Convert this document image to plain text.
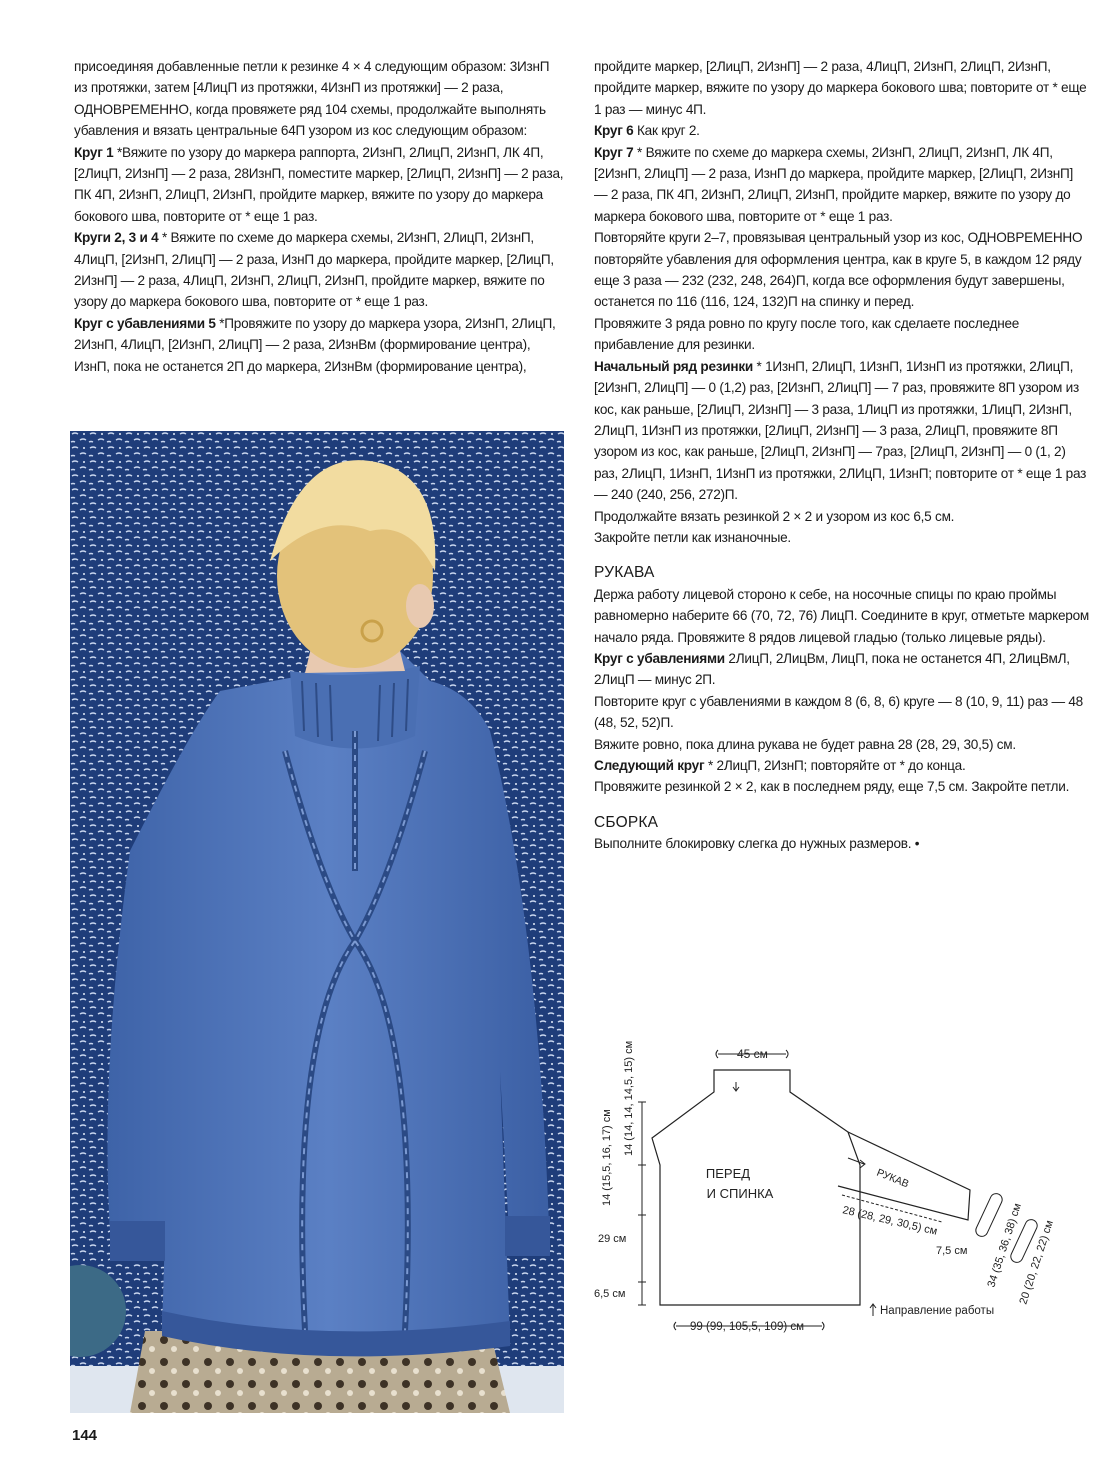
присоединяя добавленные петли к резинке 4 × 4 следующим образом: 3ИзнП из протяжки, затем [4ЛицП из протяжки, 4ИзнП из протяжки] — 2 раза, ОДНОВРЕМЕННО, когда провяжете ряд 104 схемы, продолжайте выполнять убавления и вязать центральные 64П узором из кос следующим образом:

Круг 1 *Вяжите по узору до маркера раппорта, 2ИзнП, 2ЛицП, 2ИзнП, ЛК 4П, [2ЛицП, 2ИзнП] — 2 раза, 28ИзнП, поместите маркер, [2ЛицП, 2ИзнП] — 2 раза, ПК 4П, 2ИзнП, 2ЛицП, 2ИзнП, пройдите маркер, вяжите по узору до маркера бокового шва, повторите от * еще 1 раз.

Круги 2, 3 и 4 * Вяжите по схеме до маркера схемы, 2ИзнП, 2ЛицП, 2ИзнП, 4ЛицП, [2ИзнП, 2ЛицП] — 2 раза, ИзнП до маркера, пройдите маркер, [2ЛицП, 2ИзнП] — 2 раза, 4ЛицП, 2ИзнП, 2ЛицП, 2ИзнП, пройдите маркер, вяжите по узору до маркера бокового шва, повторите от * еще 1 раз.

Круг с убавлениями 5 *Провяжите по узору до маркера узора, 2ИзнП, 2ЛицП, 2ИзнП, 4ЛицП, [2ИзнП, 2ЛицП] — 2 раза, 2ИзнВм (формирование центра), ИзнП, пока не останется 2П до маркера, 2ИзнВм (формирование центра),

пройдите маркер, [2ЛицП, 2ИзнП] — 2 раза, 4ЛицП, 2ИзнП, 2ЛицП, 2ИзнП, пройдите маркер, вяжите по узору до маркера бокового шва; повторите от * еще 1 раз — минус 4П.

Круг 6 Как круг 2.

Круг 7 * Вяжите по схеме до маркера схемы, 2ИзнП, 2ЛицП, 2ИзнП, ЛК 4П, [2ИзнП, 2ЛицП] — 2 раза, ИзнП до маркера, пройдите маркер, [2ЛицП, 2ИзнП] — 2 раза, ПК 4П, 2ИзнП, 2ЛицП, 2ИзнП, пройдите маркер, вяжите по узору до маркера бокового шва, повторите от * еще 1 раз.

Повторяйте круги 2–7, провязывая центральный узор из кос, ОДНОВРЕМЕННО повторяйте убавления для оформления центра, как в круге 5, в каждом 12 ряду еще 3 раза — 232 (232, 248, 264)П, когда все оформления будут завершены, останется по 116 (116, 124, 132)П на спинку и перед.

Провяжите 3 ряда ровно по кругу после того, как сделаете последнее прибавление для резинки.

Начальный ряд резинки * 1ИзнП, 2ЛицП, 1ИзнП, 1ИзнП из протяжки, 2ЛицП, [2ИзнП, 2ЛицП] — 0 (1,2) раз, [2ИзнП, 2ЛицП] — 7 раз, провяжите 8П узором из кос, как раньше, [2ЛицП, 2ИзнП] — 3 раза, 1ЛицП из протяжки, 1ЛицП, 2ИзнП, 2ЛицП, 1ИзнП из протяжки, [2ЛицП, 2ИзнП] — 3 раза, 2ЛицП, провяжите 8П узором из кос, как раньше, [2ЛицП, 2ИзнП] — 7раз, [2ЛицП, 2ИзнП] — 0 (1, 2) раз, 2ЛицП, 1ИзнП, 1ИзнП из протяжки, 2ЛИцП, 1ИзнП; повторите от * еще 1 раз — 240 (240, 256, 272)П.

Продолжайте вязать резинкой 2 × 2 и узором из кос 6,5 см.

Закройте петли как изнаночные.

РУКАВА

Держа работу лицевой стороно к себе, на носочные спицы по краю проймы равномерно наберите 66 (70, 72, 76) ЛицП. Соедините в круг, отметьте маркером начало ряда. Провяжите 8 рядов лицевой гладью (только лицевые ряды).

Круг с убавлениями 2ЛицП, 2ЛицВм, ЛицП, пока не останется 4П, 2ЛицВмЛ, 2ЛицП — минус 2П.

Повторите круг с убавлениями в каждом 8 (6, 8, 6) круге — 8 (10, 9, 11) раз — 48 (48, 52, 52)П.

Вяжите ровно, пока длина рукава не будет равна 28 (28, 29, 30,5) см.

Следующий круг * 2ЛицП, 2ИзнП; повторяйте от * до конца.

Провяжите резинкой 2 × 2, как в последнем ряду, еще 7,5 см. Закройте петли.

СБОРКА

Выполните блокировку слегка до нужных размеров. •

45 см
ПЕРЕД
И СПИНКА
РУКАВ
28 (28, 29, 30,5) см
7,5 см 34 (35, 36, 38) см
20 (20, 22, 22) см
14 (15,5, 16, 17) см
14 (14, 14, 14,5, 15) см
29 см
6,5 см
99 (99, 105,5, 109) см
Направление работы
144
